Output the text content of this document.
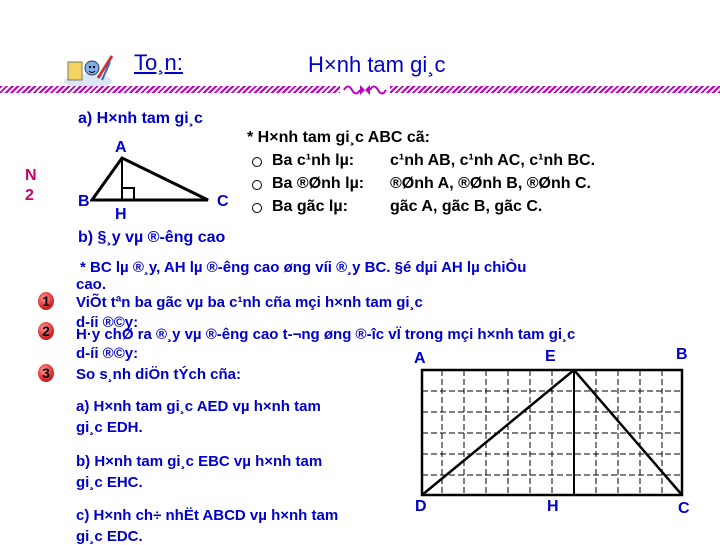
To¸n:	H×nh tam gi¸c
N
2
a) H×nh tam gi¸c
A
B	C
H
* H×nh tam gi¸c ABC cã:
Ba c¹nh lµ: c¹nh AB, c¹nh AC, c¹nh BC.
Ba ®Ønh lµ: ®Ønh A, ®Ønh B, ®Ønh C.
Ba gãc lµ:	gãc A, gãc B, gãc C.
b) §¸y vµ ®-êng cao
* BC lµ ®¸y, AH lµ ®-êng cao øng víi ®¸y BC. §é dµi AH lµ chiÒu
cao.
1 ViÕt tªn ba gãc vµ ba c¹nh cña mçi h×nh tam gi¸c
d-íi ®©y:
2 H·y chØ ra ®¸y vµ ®-êng cao t-¬ng øng ®-îc vÏ trong mçi h×nh tam gi¸c
d-íi ®©y:
3 So s¸nh diÖn tÝch cña:
a) H×nh tam gi¸c AED vµ h×nh tam
gi¸c EDH.
b) H×nh tam gi¸c EBC vµ h×nh tam
gi¸c EHC.
c) H×nh ch÷ nhËt ABCD vµ h×nh tam
gi¸c EDC.
A	E	B
D	H	C
